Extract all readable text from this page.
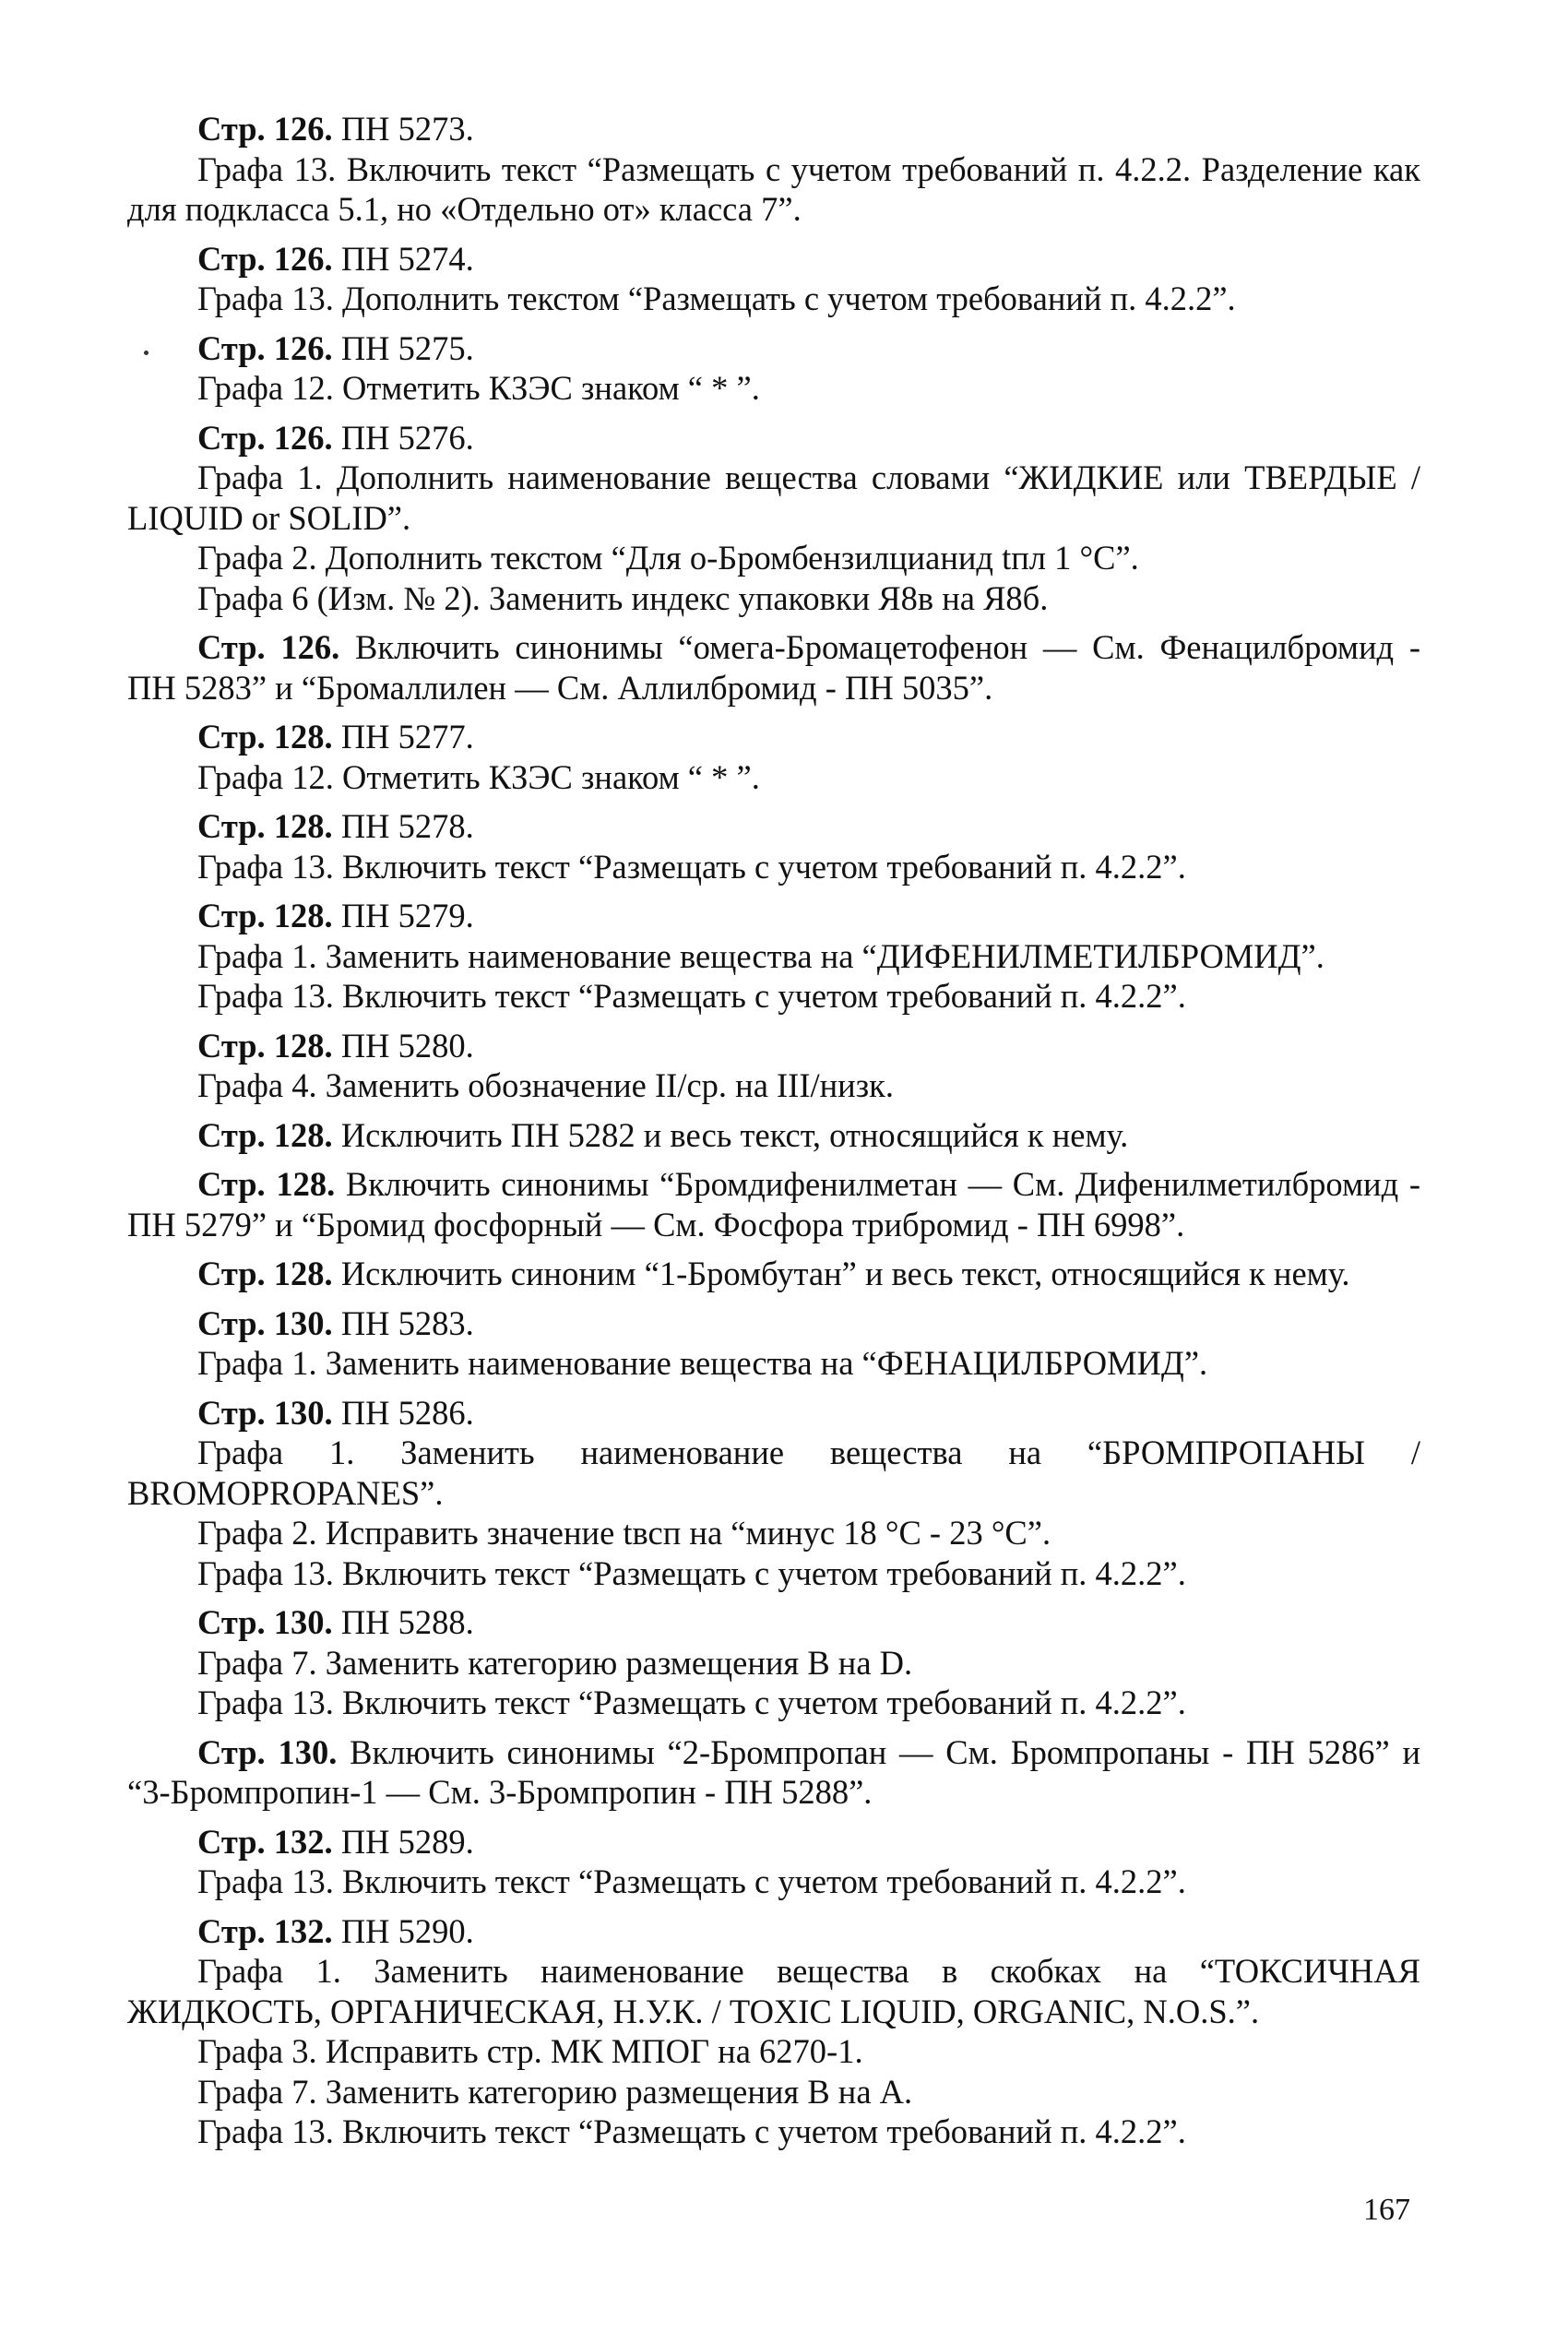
Стр. 126. ПН 5273.
Графа 13. Включить текст “Размещать с учетом требований п. 4.2.2. Разделение как для подкласса 5.1, но «Отдельно от» класса 7”.
Стр. 126. ПН 5274.
Графа 13. Дополнить текстом “Размещать с учетом требований п. 4.2.2”.
Стр. 126. ПН 5275.
Графа 12. Отметить КЗЭС знаком “ * ”.
Стр. 126. ПН 5276.
Графа 1. Дополнить наименование вещества словами “ЖИДКИЕ или ТВЕРДЫЕ / LIQUID or SOLID”.
Графа 2. Дополнить текстом “Для о-Бромбензилцианид tпл 1 °С”.
Графа 6 (Изм. № 2). Заменить индекс упаковки Я8в на Я8б.
Стр. 126. Включить синонимы “омега-Бромацетофенон — См. Фенацилбромид - ПН 5283” и “Бромаллилен — См. Аллилбромид - ПН 5035”.
Стр. 128. ПН 5277.
Графа 12. Отметить КЗЭС знаком “ * ”.
Стр. 128. ПН 5278.
Графа 13. Включить текст “Размещать с учетом требований п. 4.2.2”.
Стр. 128. ПН 5279.
Графа 1. Заменить наименование вещества на “ДИФЕНИЛМЕТИЛБРОМИД”.
Графа 13. Включить текст “Размещать с учетом требований п. 4.2.2”.
Стр. 128. ПН 5280.
Графа 4. Заменить обозначение II/ср. на III/низк.
Стр. 128. Исключить ПН 5282 и весь текст, относящийся к нему.
Стр. 128. Включить синонимы “Бромдифенилметан — См. Дифенилметилбромид - ПН 5279” и “Бромид фосфорный — См. Фосфора трибромид - ПН 6998”.
Стр. 128. Исключить синоним “1-Бромбутан” и весь текст, относящийся к нему.
Стр. 130. ПН 5283.
Графа 1. Заменить наименование вещества на “ФЕНАЦИЛБРОМИД”.
Стр. 130. ПН 5286.
Графа 1. Заменить наименование вещества на “БРОМПРОПАНЫ / BROMOPROPANES”.
Графа 2. Исправить значение tвсп на “минус 18 °С - 23 °С”.
Графа 13. Включить текст “Размещать с учетом требований п. 4.2.2”.
Стр. 130. ПН 5288.
Графа 7. Заменить категорию размещения В на D.
Графа 13. Включить текст “Размещать с учетом требований п. 4.2.2”.
Стр. 130. Включить синонимы “2-Бромпропан — См. Бромпропаны - ПН 5286” и “3-Бромпропин-1 — См. 3-Бромпропин - ПН 5288”.
Стр. 132. ПН 5289.
Графа 13. Включить текст “Размещать с учетом требований п. 4.2.2”.
Стр. 132. ПН 5290.
Графа 1. Заменить наименование вещества в скобках на “ТОКСИЧНАЯ ЖИДКОСТЬ, ОРГАНИЧЕСКАЯ, Н.У.К. / TOXIC LIQUID, ORGANIC, N.O.S.”.
Графа 3. Исправить стр. МК МПОГ на 6270-1.
Графа 7. Заменить категорию размещения В на А.
Графа 13. Включить текст “Размещать с учетом требований п. 4.2.2”.
167
